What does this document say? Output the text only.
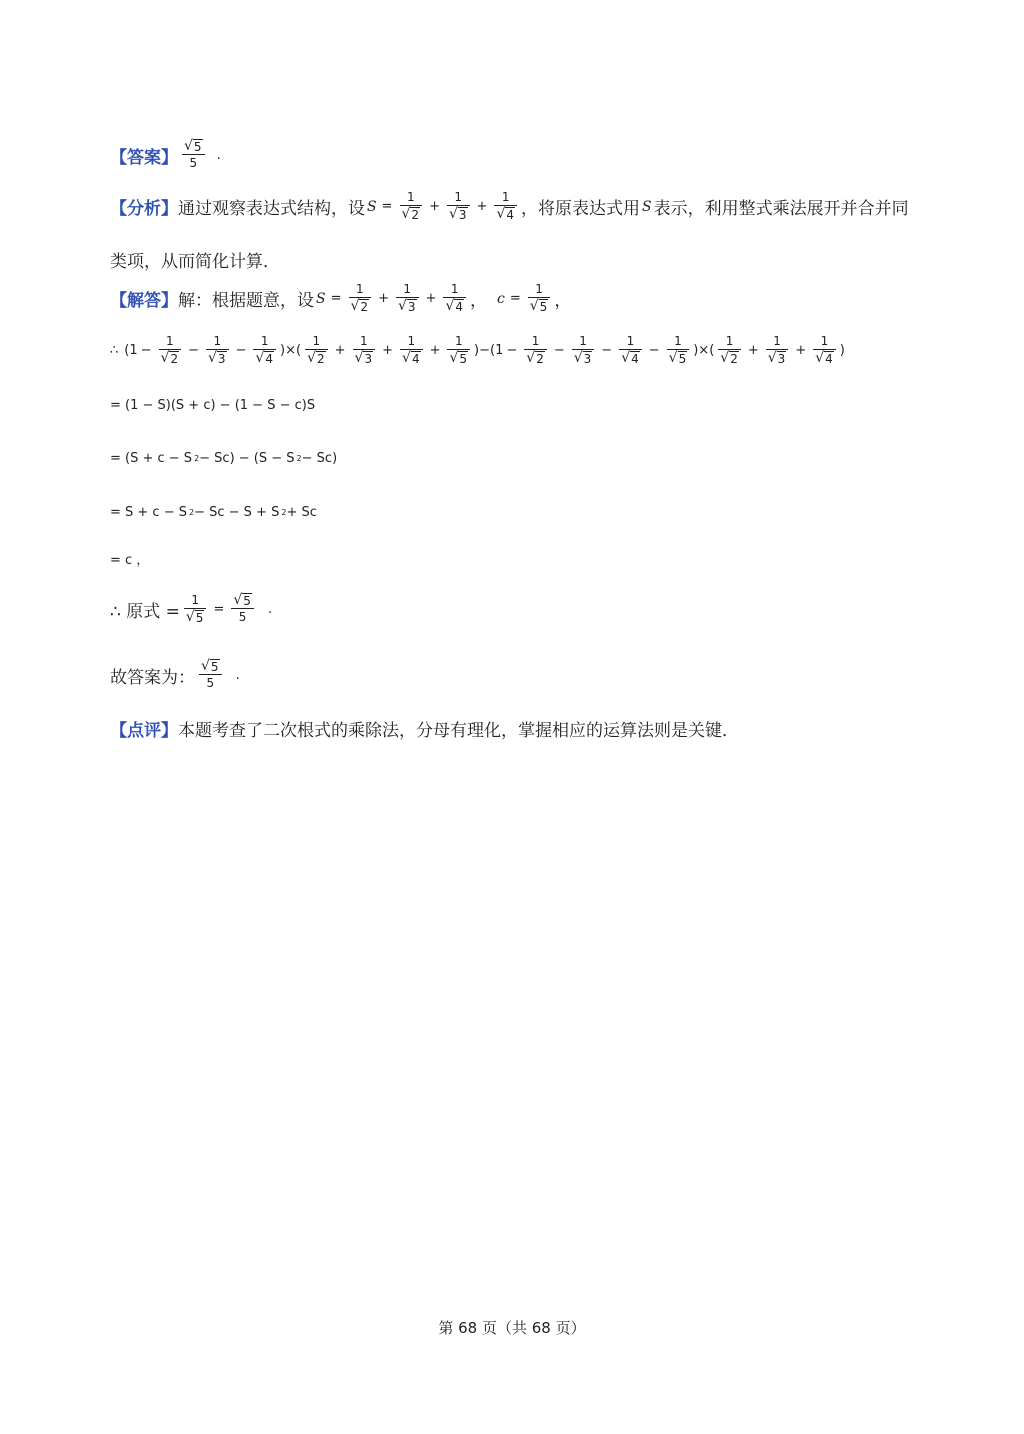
【答案】 $\frac{√ 5}{5}$ .
【分析】 通过观察表达式结构，设 $S = \frac{1}{√ 2} + \frac{1}{√ 3} + \frac{1}{√ 4}$ ，将原表达式用 S 表示，利用整式乘法展开并合并同
类项，从而简化计算．
【解答】 解：根据题意，设 $S = \frac{1}{√ 2} + \frac{1}{√ 3} + \frac{1}{√ 4}$ ， $c = \frac{1}{√ 5}$ ，
∴ ($1 - \frac{1}{√ 2} - \frac{1}{√ 3} - \frac{1}{√ 4}$ )×( $\frac{1}{√ 2} + \frac{1}{√ 3} + \frac{1}{√ 4} + \frac{1}{√ 5} )-(1 - \frac{1}{√ 2} - \frac{1}{√ 3} - \frac{1}{√ 4} - \frac{1}{√ 5}$ )×( $\frac{1}{√ 2} + \frac{1}{√ 3} + \frac{1}{√ 4}$ )
= (1 − S)(S + c) − (1 − S − c)S
= (S + c − S 2 − Sc) − (S − S 2 − Sc)
= S + c − S 2 − Sc − S + S 2 + Sc
= c ，
∴ 原式 = $\frac{1}{√ 5} = \frac{√ 5}{5}$ .
故答案为： $\frac{√ 5}{5}$ .
【点评】 本题考查了二次根式的乘除法，分母有理化，掌握相应的运算法则是关键．
第 68 页（共 68 页）
